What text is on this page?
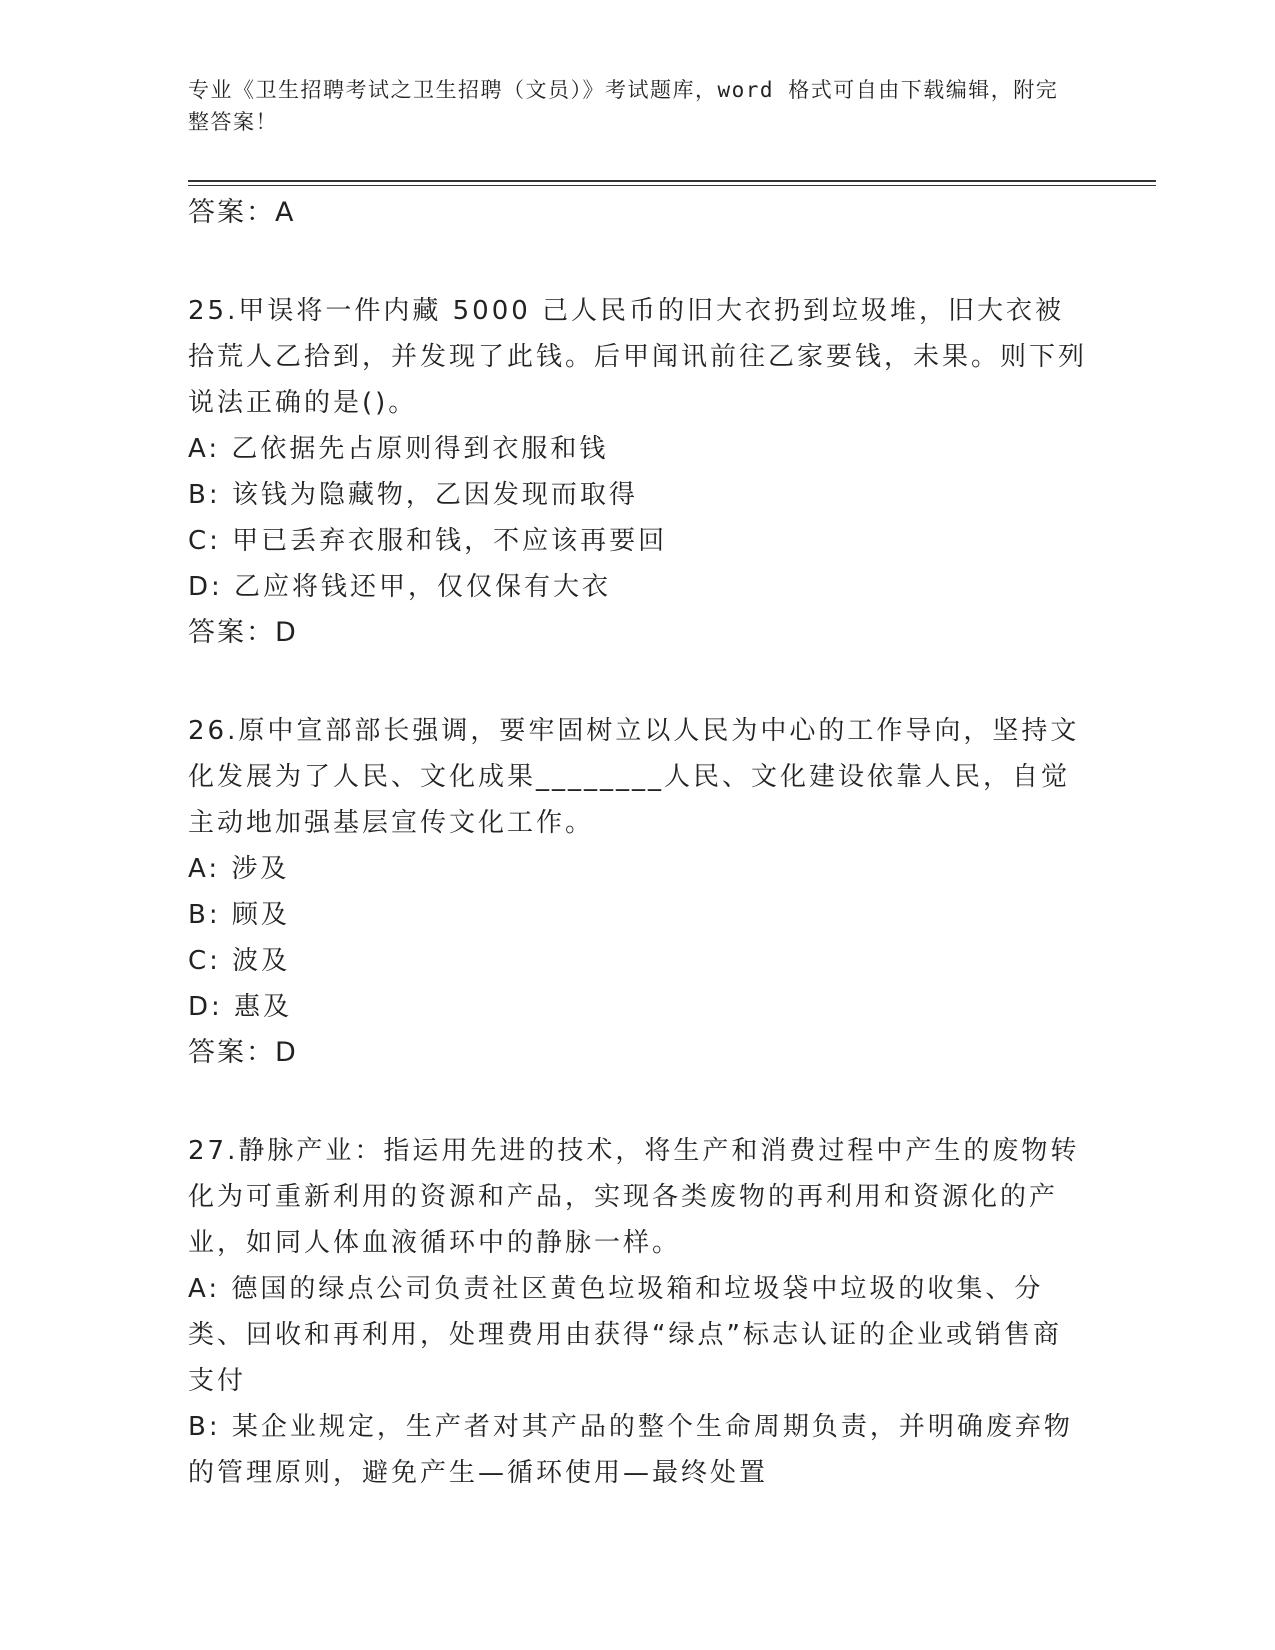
专业《卫生招聘考试之卫生招聘（文员）》考试题库，word 格式可自由下载编辑，附完整答案！
答案：A
25.甲误将一件内藏 5000 己人民币的旧大衣扔到垃圾堆，旧大衣被拾荒人乙拾到，并发现了此钱。后甲闻讯前往乙家要钱，未果。则下列说法正确的是()。
A: 乙依据先占原则得到衣服和钱
B: 该钱为隐藏物，乙因发现而取得
C: 甲已丢弃衣服和钱，不应该再要回
D: 乙应将钱还甲，仅仅保有大衣
答案：D
26.原中宣部部长强调，要牢固树立以人民为中心的工作导向，坚持文化发展为了人民、文化成果________人民、文化建设依靠人民，自觉主动地加强基层宣传文化工作。
A: 涉及
B: 顾及
C: 波及
D: 惠及
答案：D
27.静脉产业：指运用先进的技术，将生产和消费过程中产生的废物转化为可重新利用的资源和产品，实现各类废物的再利用和资源化的产业，如同人体血液循环中的静脉一样。
A: 德国的绿点公司负责社区黄色垃圾箱和垃圾袋中垃圾的收集、分类、回收和再利用，处理费用由获得“绿点”标志认证的企业或销售商支付
B: 某企业规定，生产者对其产品的整个生命周期负责，并明确废弃物的管理原则，避免产生—循环使用—最终处置
